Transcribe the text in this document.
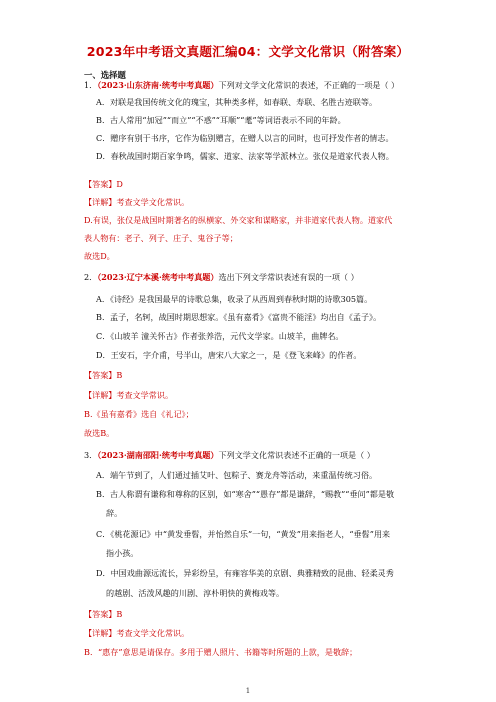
2023年中考语文真题汇编04：文学文化常识（附答案）
一、选择题
1．（2023·山东济南·统考中考真题）下列对文学文化常识的表述，不正确的一项是（ ）
A．对联是我国传统文化的瑰宝，其种类多样，如春联、寿联、名胜古迹联等。
B．古人常用“加冠”“而立”“不惑”“耳顺”“耄”等词语表示不同的年龄。
C．赠序有别于书序，它作为临别赠言，在赠人以言的同时，也可抒发作者的情志。
D．春秋战国时期百家争鸣，儒家、道家、法家等学派林立。张仪是道家代表人物。
【答案】D
【详解】考查文学文化常识。
D.有误，张仪是战国时期著名的纵横家、外交家和谋略家，并非道家代表人物。道家代
表人物有：老子、列子、庄子、鬼谷子等；
故选D。
2．（2023·辽宁本溪·统考中考真题）选出下列文学常识表述有误的一项（ ）
A．《诗经》是我国最早的诗歌总集，收录了从西周到春秋时期的诗歌305篇。
B．孟子，名轲，战国时期思想家。《虽有嘉肴》《富贵不能淫》均出自《孟子》。
C．《山坡羊 潼关怀古》作者张养浩，元代文学家。山坡羊，曲牌名。
D．王安石，字介甫，号半山，唐宋八大家之一，是《登飞来峰》的作者。
【答案】B
【详解】考查文学常识。
B.《虽有嘉肴》选自《礼记》；
故选B。
3．（2023·湖南邵阳·统考中考真题）下列文学文化常识表述不正确的一项是（ ）
A．端午节到了，人们通过插艾叶、包粽子、赛龙舟等活动，来重温传统习俗。
B．古人称谓有谦称和尊称的区别，如“寒舍”“愚存”都是谦辞，“赐教”“垂问”都是敬
辞。
C．《桃花源记》中“黄发垂髫，并怡然自乐”一句，“黄发”用来指老人，“垂髫”用来
指小孩。
D．中国戏曲源远流长，异彩纷呈，有雍容华美的京剧、典雅精致的昆曲、轻柔灵秀
的越剧、活泼风趣的川剧、淳朴明快的黄梅戏等。
【答案】B
【详解】考查文学文化常识。
B．“惠存”意思是请保存。多用于赠人照片、书籍等时所题的上款，是敬辞；
1
